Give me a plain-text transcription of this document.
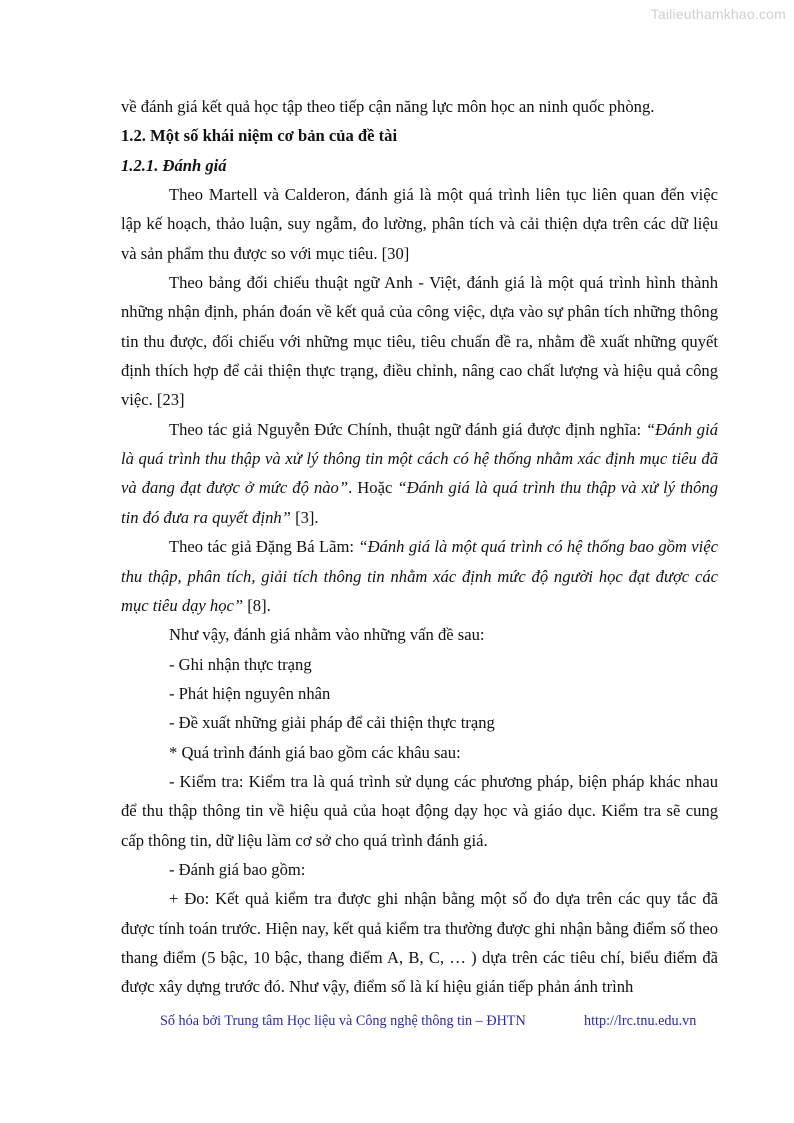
Tailieuthamkhao.com

về đánh giá kết quả học tập theo tiếp cận năng lực môn học an ninh quốc phòng.

1.2. Một số khái niệm cơ bản của đề tài

1.2.1. Đánh giá

Theo Martell và Calderon, đánh giá là một quá trình liên tục liên quan đến việc lập kế hoạch, thảo luận, suy ngẫm, đo lường, phân tích và cải thiện dựa trên các dữ liệu và sản phẩm thu được so với mục tiêu. [30]

Theo bảng đối chiếu thuật ngữ Anh - Việt, đánh giá là một quá trình hình thành những nhận định, phán đoán về kết quả của công việc, dựa vào sự phân tích những thông tin thu được, đối chiếu với những mục tiêu, tiêu chuẩn đề ra, nhằm đề xuất những quyết định thích hợp để cải thiện thực trạng, điều chỉnh, nâng cao chất lượng và hiệu quả công việc. [23]

Theo tác giả Nguyễn Đức Chính, thuật ngữ đánh giá được định nghĩa: “Đánh giá là quá trình thu thập và xử lý thông tin một cách có hệ thống nhằm xác định mục tiêu đã và đang đạt được ở mức độ nào”. Hoặc “Đánh giá là quá trình thu thập và xử lý thông tin đó đưa ra quyết định” [3].

Theo tác giả Đặng Bá Lãm: “Đánh giá là một quá trình có hệ thống bao gồm việc thu thập, phân tích, giải tích thông tin nhằm xác định mức độ người học đạt được các mục tiêu dạy học” [8].

Như vậy, đánh giá nhằm vào những vấn đề sau:

- Ghi nhận thực trạng

- Phát hiện nguyên nhân

- Đề xuất những giải pháp để cải thiện thực trạng

* Quá trình đánh giá bao gồm các khâu sau:

- Kiểm tra: Kiểm tra là quá trình sử dụng các phương pháp, biện pháp khác nhau để thu thập thông tin về hiệu quả của hoạt động dạy học và giáo dục. Kiểm tra sẽ cung cấp thông tin, dữ liệu làm cơ sở cho quá trình đánh giá.

- Đánh giá bao gồm:

+ Đo: Kết quả kiểm tra được ghi nhận bằng một số đo dựa trên các quy tắc đã được tính toán trước. Hiện nay, kết quả kiểm tra thường được ghi nhận bằng điểm số theo thang điểm (5 bậc, 10 bậc, thang điểm A, B, C, … ) dựa trên các tiêu chí, biểu điểm đã được xây dựng trước đó. Như vậy, điểm số là kí hiệu gián tiếp phản ánh trình

Số hóa bởi Trung tâm Học liệu và Công nghệ thông tin – ĐHTN	http://lrc.tnu.edu.vn
